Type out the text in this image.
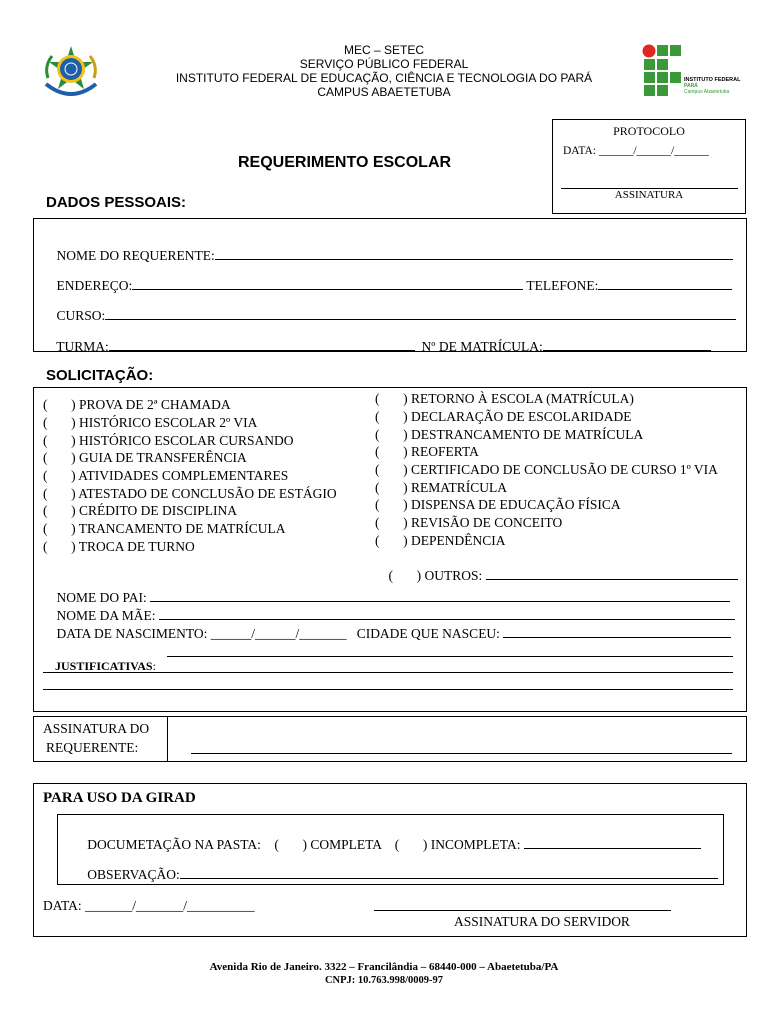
MEC – SETEC
SERVIÇO PÚBLICO FEDERAL
INSTITUTO FEDERAL DE EDUCAÇÃO, CIÊNCIA E TECNOLOGIA DO PARÁ
CAMPUS ABAETETUBA
INSTITUTO FEDERAL
PARÁ
Campus Abaetetuba
PROTOCOLO
DATA: ______/______/______
ASSINATURA
REQUERIMENTO ESCOLAR
DADOS PESSOAIS:

NOME DO REQUERENTE:

ENDEREÇO:	TELEFONE:

CURSO:

TURMA:	Nº DE MATRÍCULA:

SOLICITAÇÃO:
(       ) PROVA DE 2ª CHAMADA
(       ) HISTÓRICO ESCOLAR 2º VIA
(       ) HISTÓRICO ESCOLAR CURSANDO
(       ) GUIA DE TRANSFERÊNCIA
(       ) ATIVIDADES COMPLEMENTARES
(       ) ATESTADO DE CONCLUSÃO DE ESTÁGIO
(       ) CRÉDITO DE DISCIPLINA
(       ) TRANCAMENTO DE MATRÍCULA
(       ) TROCA DE TURNO
(       ) RETORNO À ESCOLA (MATRÍCULA)
(       ) DECLARAÇÃO DE ESCOLARIDADE
(       ) DESTRANCAMENTO DE MATRÍCULA
(       ) REOFERTA
(       ) CERTIFICADO DE CONCLUSÃO DE CURSO 1º VIA
(       ) REMATRÍCULA
(       ) DISPENSA DE EDUCAÇÃO FÍSICA
(       ) REVISÃO DE CONCEITO
(       ) DEPENDÊNCIA

(       ) OUTROS:

NOME DO PAI:

NOME DA MÃE:

DATA DE NASCIMENTO: ______/______/_______ CIDADE QUE NASCEU:

JUSTIFICATIVAS:

ASSINATURA DO
REQUERENTE:
PARA USO DA GIRAD

DOCUMETAÇÃO NA PASTA:    (       ) COMPLETA    (       ) INCOMPLETA:

OBSERVAÇÃO:

DATA: _______/_______/__________
ASSINATURA DO SERVIDOR
Avenida Rio de Janeiro. 3322 – Francilândia – 68440-000 – Abaetetuba/PA
CNPJ: 10.763.998/0009-97
